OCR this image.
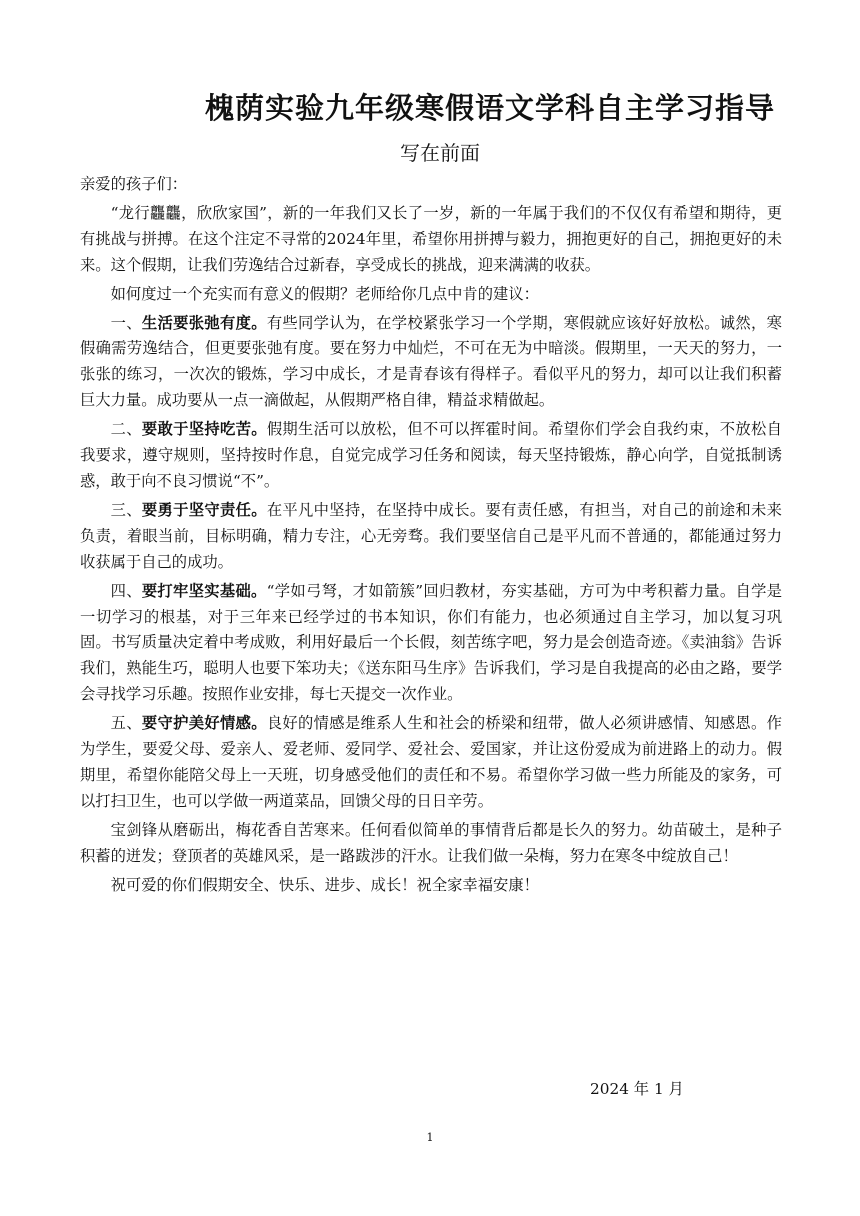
槐荫实验九年级寒假语文学科自主学习指导
写在前面

亲爱的孩子们：

“龙行龘龘，欣欣家国”，新的一年我们又长了一岁，新的一年属于我们的不仅仅有希望和期待，更有挑战与拼搏。在这个注定不寻常的2024年里，希望你用拼搏与毅力，拥抱更好的自己，拥抱更好的未来。这个假期，让我们劳逸结合过新春，享受成长的挑战，迎来满满的收获。

如何度过一个充实而有意义的假期？老师给你几点中肯的建议：

一、生活要张弛有度。有些同学认为，在学校紧张学习一个学期，寒假就应该好好放松。诚然，寒假确需劳逸结合，但更要张弛有度。要在努力中灿烂，不可在无为中暗淡。假期里，一天天的努力，一张张的练习，一次次的锻炼，学习中成长，才是青春该有得样子。看似平凡的努力，却可以让我们积蓄巨大力量。成功要从一点一滴做起，从假期严格自律，精益求精做起。

二、要敢于坚持吃苦。假期生活可以放松，但不可以挥霍时间。希望你们学会自我约束，不放松自我要求，遵守规则，坚持按时作息，自觉完成学习任务和阅读，每天坚持锻炼，静心向学，自觉抵制诱惑，敢于向不良习惯说“不”。

三、要勇于坚守责任。在平凡中坚持，在坚持中成长。要有责任感，有担当，对自己的前途和未来负责，着眼当前，目标明确，精力专注，心无旁骛。我们要坚信自己是平凡而不普通的，都能通过努力收获属于自己的成功。

四、要打牢坚实基础。“学如弓弩，才如箭簇”回归教材，夯实基础，方可为中考积蓄力量。自学是一切学习的根基，对于三年来已经学过的书本知识，你们有能力，也必须通过自主学习，加以复习巩固。书写质量决定着中考成败，利用好最后一个长假，刻苦练字吧，努力是会创造奇迹。《卖油翁》告诉我们，熟能生巧，聪明人也要下笨功夫；《送东阳马生序》告诉我们，学习是自我提高的必由之路，要学会寻找学习乐趣。按照作业安排，每七天提交一次作业。

五、要守护美好情感。良好的情感是维系人生和社会的桥梁和纽带，做人必须讲感情、知感恩。作为学生，要爱父母、爱亲人、爱老师、爱同学、爱社会、爱国家，并让这份爱成为前进路上的动力。假期里，希望你能陪父母上一天班，切身感受他们的责任和不易。希望你学习做一些力所能及的家务，可以打扫卫生，也可以学做一两道菜品，回馈父母的日日辛劳。

宝剑锋从磨砺出，梅花香自苦寒来。任何看似简单的事情背后都是长久的努力。幼苗破土，是种子积蓄的迸发；登顶者的英雄风采，是一路跋涉的汗水。让我们做一朵梅，努力在寒冬中绽放自己！

祝可爱的你们假期安全、快乐、进步、成长！祝全家幸福安康！

2024 年 1 月
1
